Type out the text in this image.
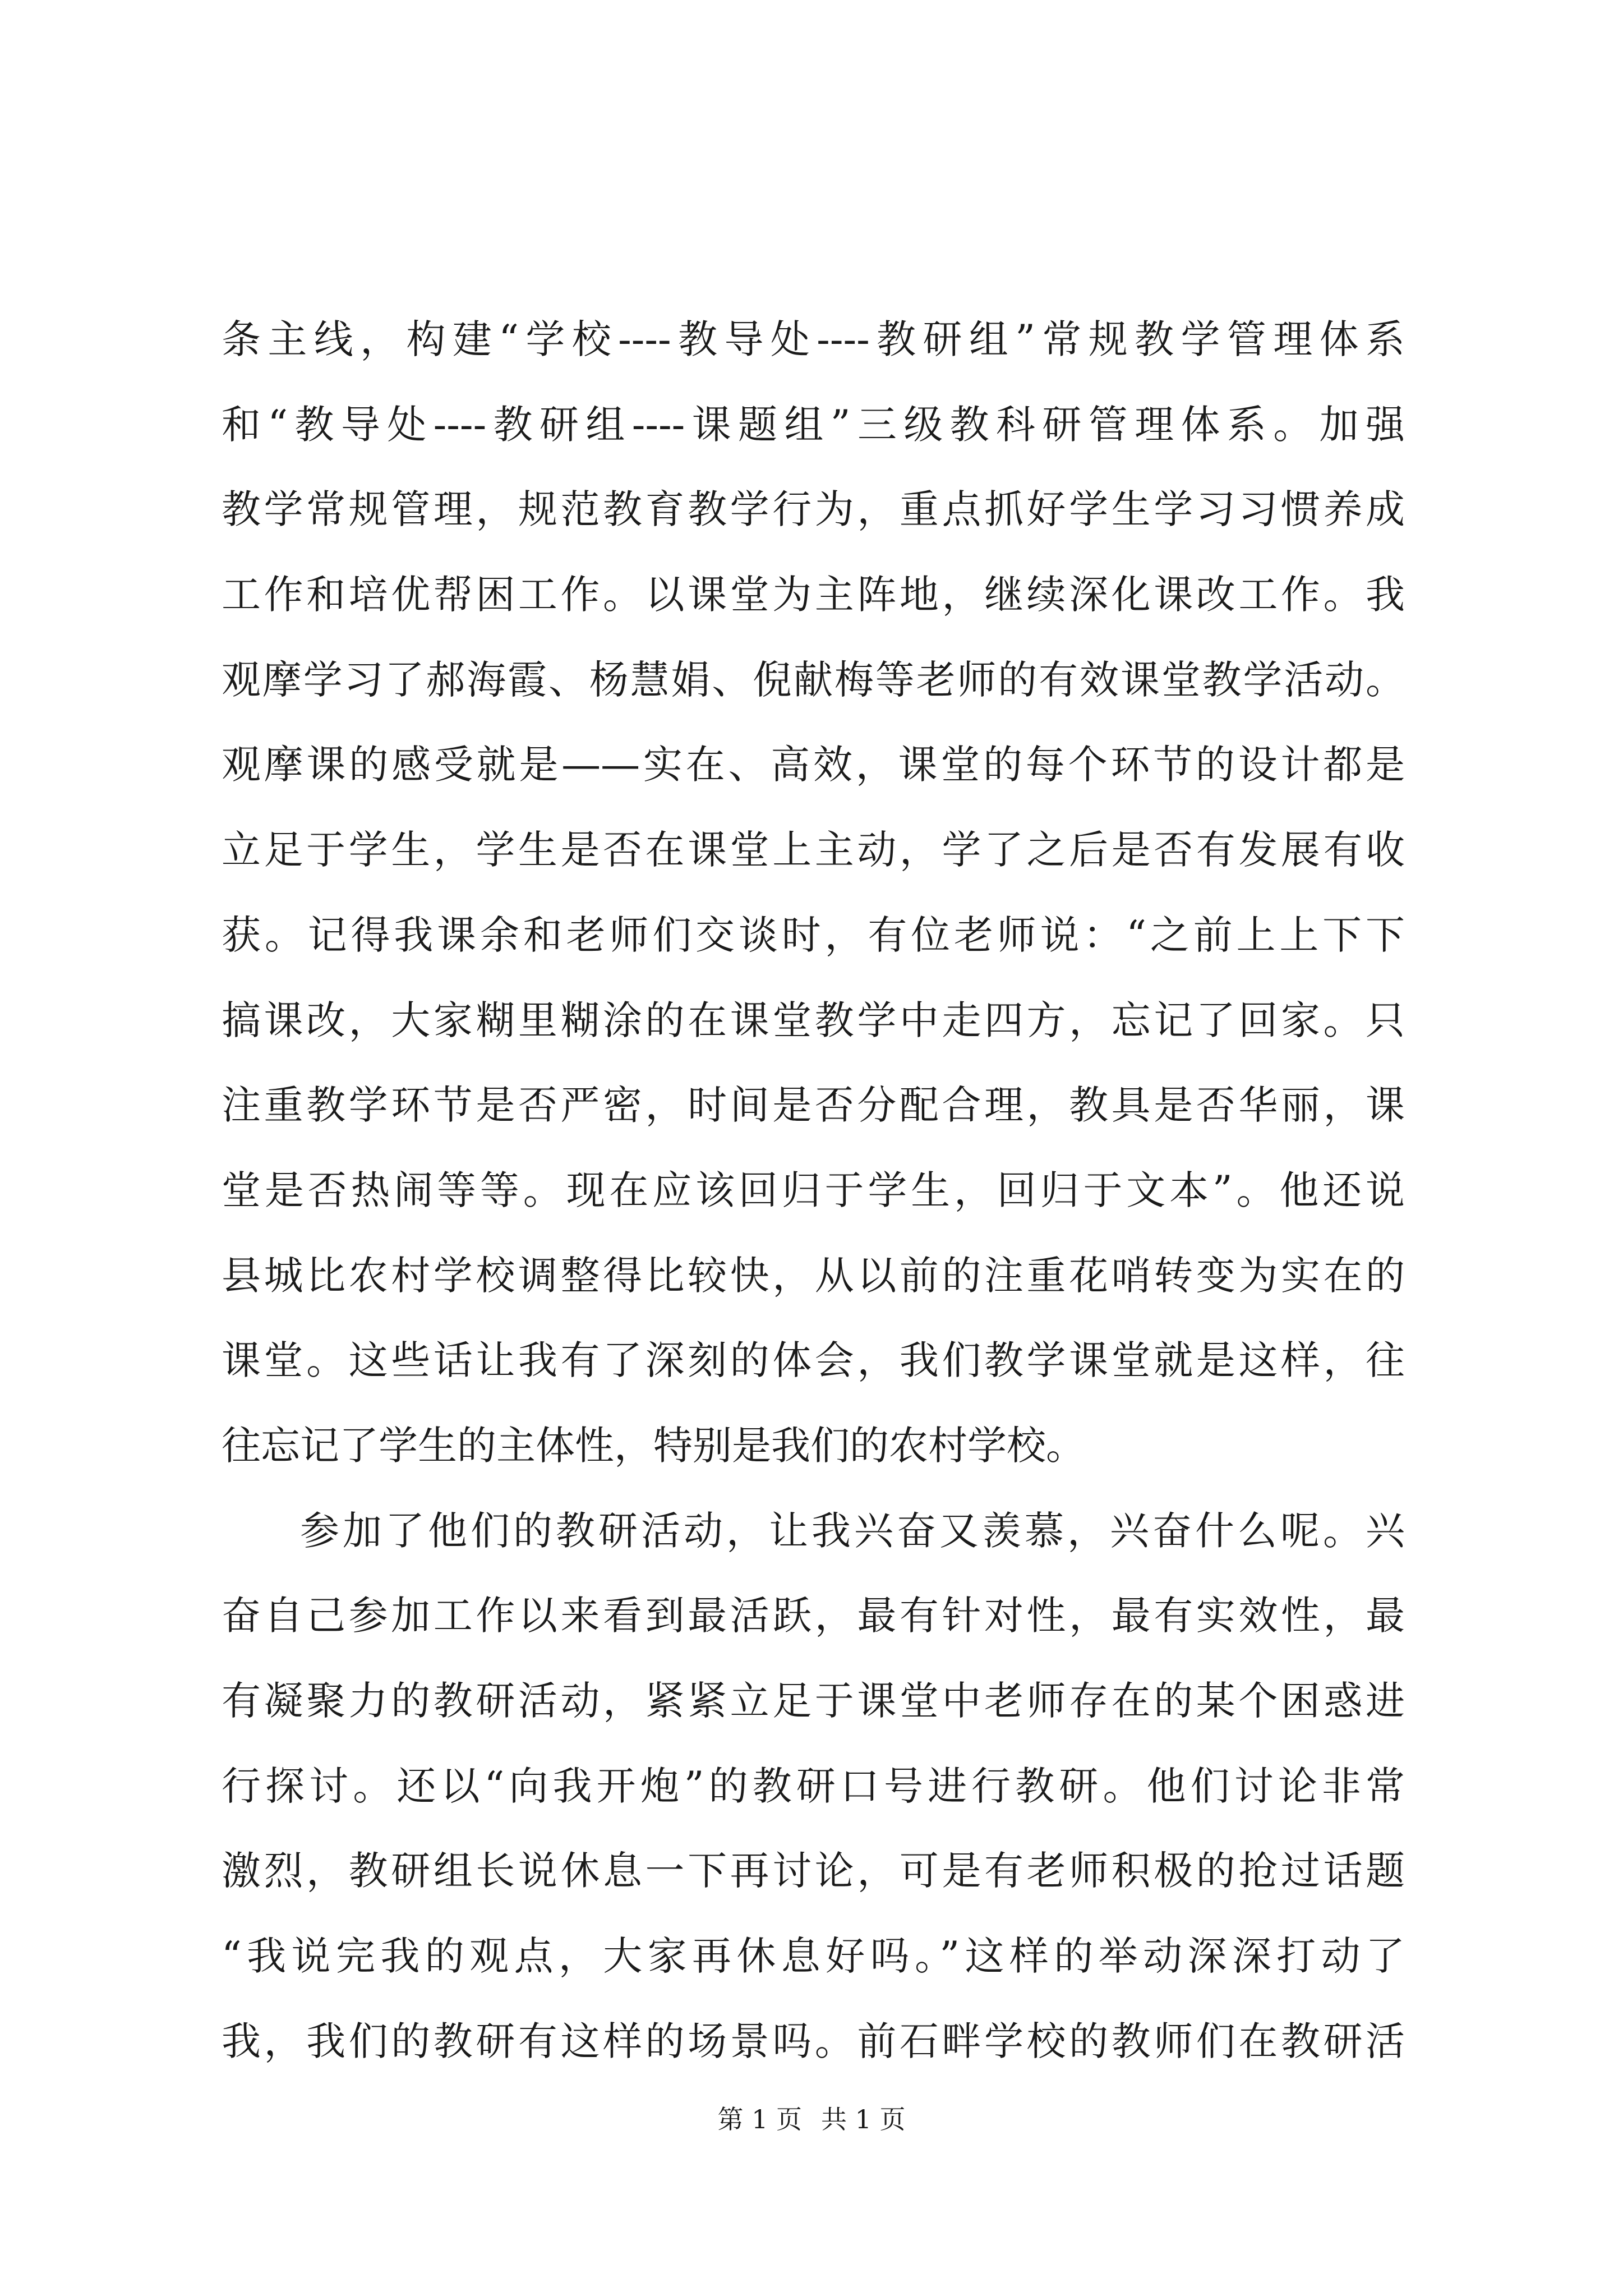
条主线，构建“学校----教导处----教研组”常规教学管理体系
和“教导处----教研组----课题组”三级教科研管理体系。加强
教学常规管理，规范教育教学行为，重点抓好学生学习习惯养成
工作和培优帮困工作。以课堂为主阵地，继续深化课改工作。我
观摩学习了郝海霞、杨慧娟、倪献梅等老师的有效课堂教学活动。
观摩课的感受就是——实在、高效，课堂的每个环节的设计都是
立足于学生，学生是否在课堂上主动，学了之后是否有发展有收
获。记得我课余和老师们交谈时，有位老师说：“之前上上下下
搞课改，大家糊里糊涂的在课堂教学中走四方，忘记了回家。只
注重教学环节是否严密，时间是否分配合理，教具是否华丽，课
堂是否热闹等等。现在应该回归于学生，回归于文本”。他还说
县城比农村学校调整得比较快，从以前的注重花哨转变为实在的
课堂。这些话让我有了深刻的体会，我们教学课堂就是这样，往
往忘记了学生的主体性，特别是我们的农村学校。
参加了他们的教研活动，让我兴奋又羡慕，兴奋什么呢。兴
奋自己参加工作以来看到最活跃，最有针对性，最有实效性，最
有凝聚力的教研活动，紧紧立足于课堂中老师存在的某个困惑进
行探讨。还以“向我开炮”的教研口号进行教研。他们讨论非常
激烈，教研组长说休息一下再讨论，可是有老师积极的抢过话题
“我说完我的观点，大家再休息好吗。”这样的举动深深打动了
我，我们的教研有这样的场景吗。前石畔学校的教师们在教研活
第 1 页 共 1 页
